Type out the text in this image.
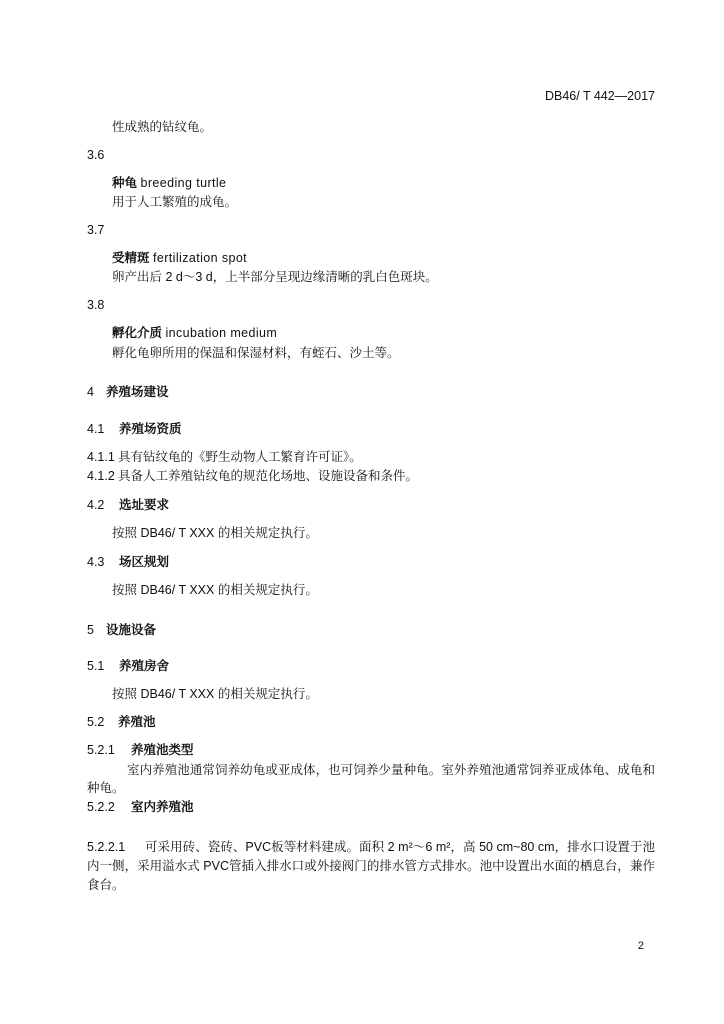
DB46/ T 442—2017
性成熟的钻纹龟。
3.6
种龟 breeding turtle
用于人工繁殖的成龟。
3.7
受精斑 fertilization spot
卵产出后 2 d～3 d，上半部分呈现边缘清晰的乳白色斑块。
3.8
孵化介质 incubation medium
孵化龟卵所用的保温和保湿材料，有蛭石、沙土等。
4 养殖场建设
4.1 养殖场资质
4.1.1 具有钻纹龟的《野生动物人工繁育许可证》。
4.1.2 具备人工养殖钻纹龟的规范化场地、设施设备和条件。
4.2 选址要求
按照 DB46/ T XXX 的相关规定执行。
4.3 场区规划
按照 DB46/ T XXX 的相关规定执行。
5 设施设备
5.1 养殖房舍
按照 DB46/ T XXX 的相关规定执行。
5.2 养殖池
5.2.1 养殖池类型
室内养殖池通常饲养幼龟或亚成体，也可饲养少量种龟。室外养殖池通常饲养亚成体龟、成龟和
种龟。
5.2.2 室内养殖池
5.2.2.1 可采用砖、瓷砖、PVC板等材料建成。面积 2 m²～6 m²，高 50 cm~80 cm，排水口设置于池
内一侧，采用溢水式 PVC管插入排水口或外接阀门的排水管方式排水。池中设置出水面的栖息台，兼作
食台。
2
